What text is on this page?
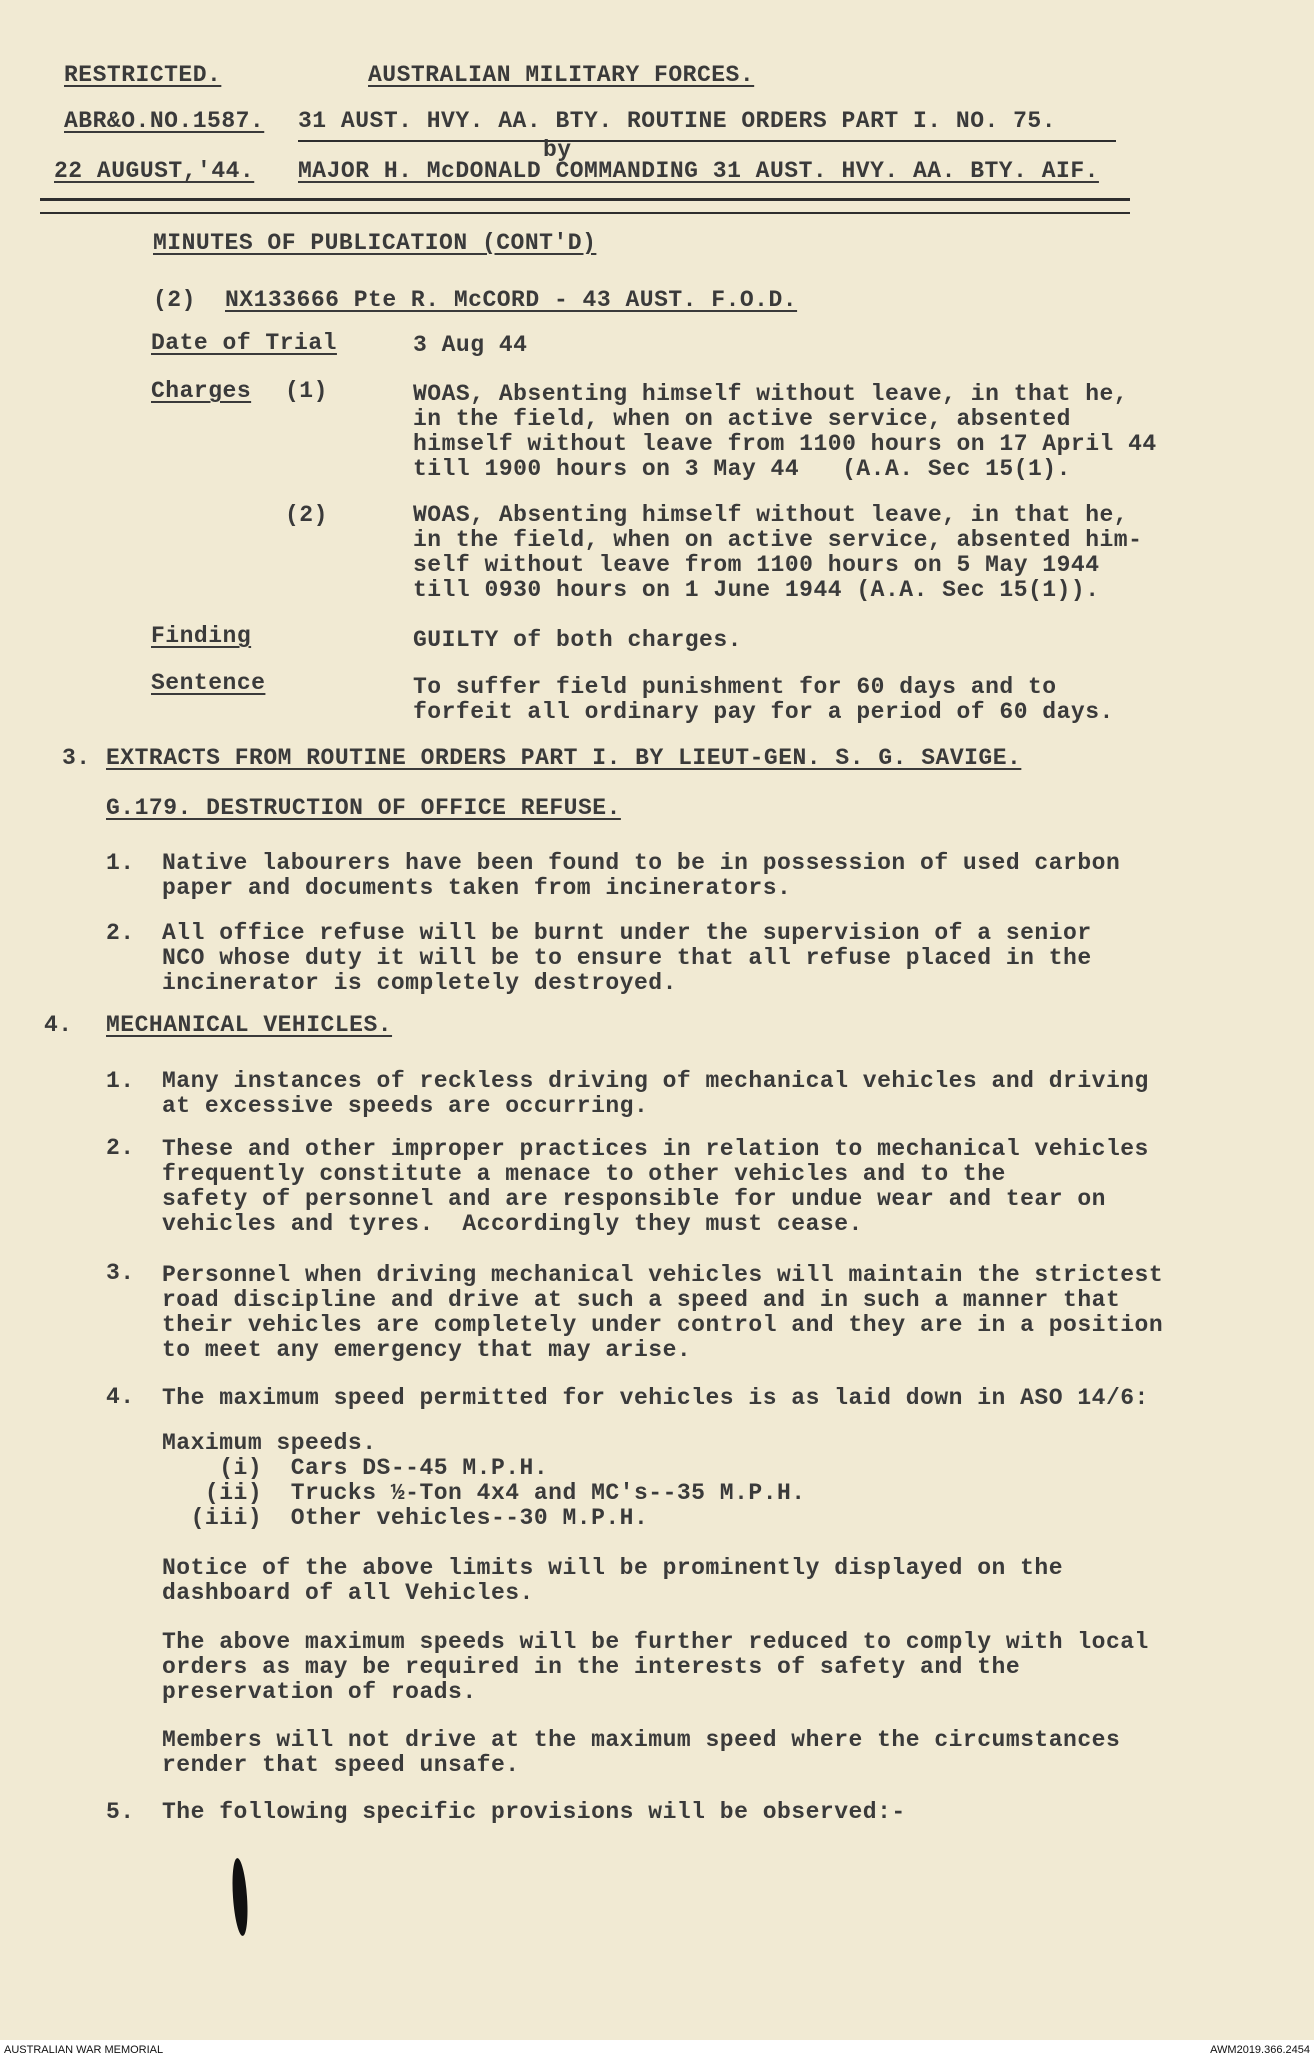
RESTRICTED.	AUSTRALIAN MILITARY FORCES.
ABR&O.NO.1587. 31 AUST. HVY. AA. BTY. ROUTINE ORDERS PART I. NO. 75.
by
22 AUGUST,'44. MAJOR H. McDONALD COMMANDING 31 AUST. HVY. AA. BTY. AIF.
MINUTES OF PUBLICATION (CONT'D)
(2) NX133666 Pte R. McCORD - 43 AUST. F.O.D.
Date of Trial	3 Aug 44
Charges (1)	WOAS, Absenting himself without leave, in that he,
in the field, when on active service, absented
himself without leave from 1100 hours on 17 April 44
till 1900 hours on 3 May 44   (A.A. Sec 15(1).
(2)	WOAS, Absenting himself without leave, in that he,
in the field, when on active service, absented him-
self without leave from 1100 hours on 5 May 1944
till 0930 hours on 1 June 1944 (A.A. Sec 15(1)).
Finding	GUILTY of both charges.
Sentence	To suffer field punishment for 60 days and to
forfeit all ordinary pay for a period of 60 days.
3. EXTRACTS FROM ROUTINE ORDERS PART I. BY LIEUT-GEN. S. G. SAVIGE.
G.179. DESTRUCTION OF OFFICE REFUSE.
1. Native labourers have been found to be in possession of used carbon
paper and documents taken from incinerators.
2. All office refuse will be burnt under the supervision of a senior
NCO whose duty it will be to ensure that all refuse placed in the
incinerator is completely destroyed.
4. MECHANICAL VEHICLES.
1. Many instances of reckless driving of mechanical vehicles and driving
at excessive speeds are occurring.
2. These and other improper practices in relation to mechanical vehicles
frequently constitute a menace to other vehicles and to the
safety of personnel and are responsible for undue wear and tear on
vehicles and tyres.  Accordingly they must cease.
3. Personnel when driving mechanical vehicles will maintain the strictest
road discipline and drive at such a speed and in such a manner that
their vehicles are completely under control and they are in a position
to meet any emergency that may arise.
4. The maximum speed permitted for vehicles is as laid down in ASO 14/6:
Maximum speeds.
(i)  Cars DS--45 M.P.H.
(ii)  Trucks ½-Ton 4x4 and MC's--35 M.P.H.
(iii)  Other vehicles--30 M.P.H.
Notice of the above limits will be prominently displayed on the
dashboard of all Vehicles.
The above maximum speeds will be further reduced to comply with local
orders as may be required in the interests of safety and the
preservation of roads.
Members will not drive at the maximum speed where the circumstances
render that speed unsafe.
5. The following specific provisions will be observed:-
AUSTRALIAN WAR MEMORIAL	AWM2019.366.2454
